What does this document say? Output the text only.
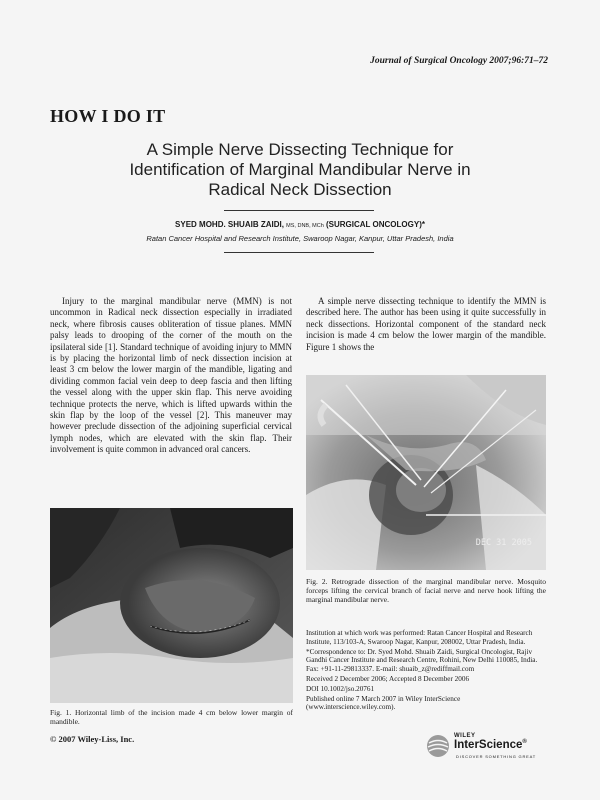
Journal of Surgical Oncology 2007;96:71–72
HOW I DO IT
A Simple Nerve Dissecting Technique for
Identification of Marginal Mandibular Nerve in
Radical Neck Dissection
SYED MOHD. SHUAIB ZAIDI, MS, DNB, MCh (SURGICAL ONCOLOGY)*
Ratan Cancer Hospital and Research Institute, Swaroop Nagar, Kanpur, Uttar Pradesh, India

Injury to the marginal mandibular nerve (MMN) is not uncommon in Radical neck dissection especially in irradiated neck, where fibrosis causes obliteration of tissue planes. MMN palsy leads to drooping of the corner of the mouth on the ipsilateral side [1]. Standard technique of avoiding injury to MMN is by placing the horizontal limb of neck dissection incision at least 3 cm below the lower margin of the mandible, ligating and dividing common facial vein deep to deep fascia and then lifting the vessel along with the upper skin flap. This nerve avoiding technique protects the nerve, which is lifted upwards within the skin flap by the loop of the vessel [2]. This maneuver may however preclude dissection of the adjoining superficial cervical lymph nodes, which are elevated with the skin flap. Their involvement is quite common in advanced oral cancers.

A simple nerve dissecting technique to identify the MMN is described here. The author has been using it quite successfully in neck dissections. Horizontal component of the standard neck incision is made 4 cm below the lower margin of the mandible. Figure 1 shows the

DEC 31 2005

Fig. 2. Retrograde dissection of the marginal mandibular nerve. Mosquito forceps lifting the cervical branch of facial nerve and nerve hook lifting the marginal mandibular nerve.

Fig. 1. Horizontal limb of the incision made 4 cm below lower margin of mandible.

© 2007 Wiley-Liss, Inc.

Institution at which work was performed: Ratan Cancer Hospital and Research Institute, 113/103-A, Swaroop Nagar, Kanpur, 208002, Uttar Pradesh, India.

*Correspondence to: Dr. Syed Mohd. Shuaib Zaidi, Surgical Oncologist, Rajiv Gandhi Cancer Institute and Research Centre, Rohini, New Delhi 110085, India. Fax: +91-11-29813337. E-mail: shuaib_z@rediffmail.com

Received 2 December 2006; Accepted 8 December 2006

DOI 10.1002/jso.20761

Published online 7 March 2007 in Wiley InterScience (www.interscience.wiley.com).

WILEY
InterScience®
DISCOVER SOMETHING GREAT
